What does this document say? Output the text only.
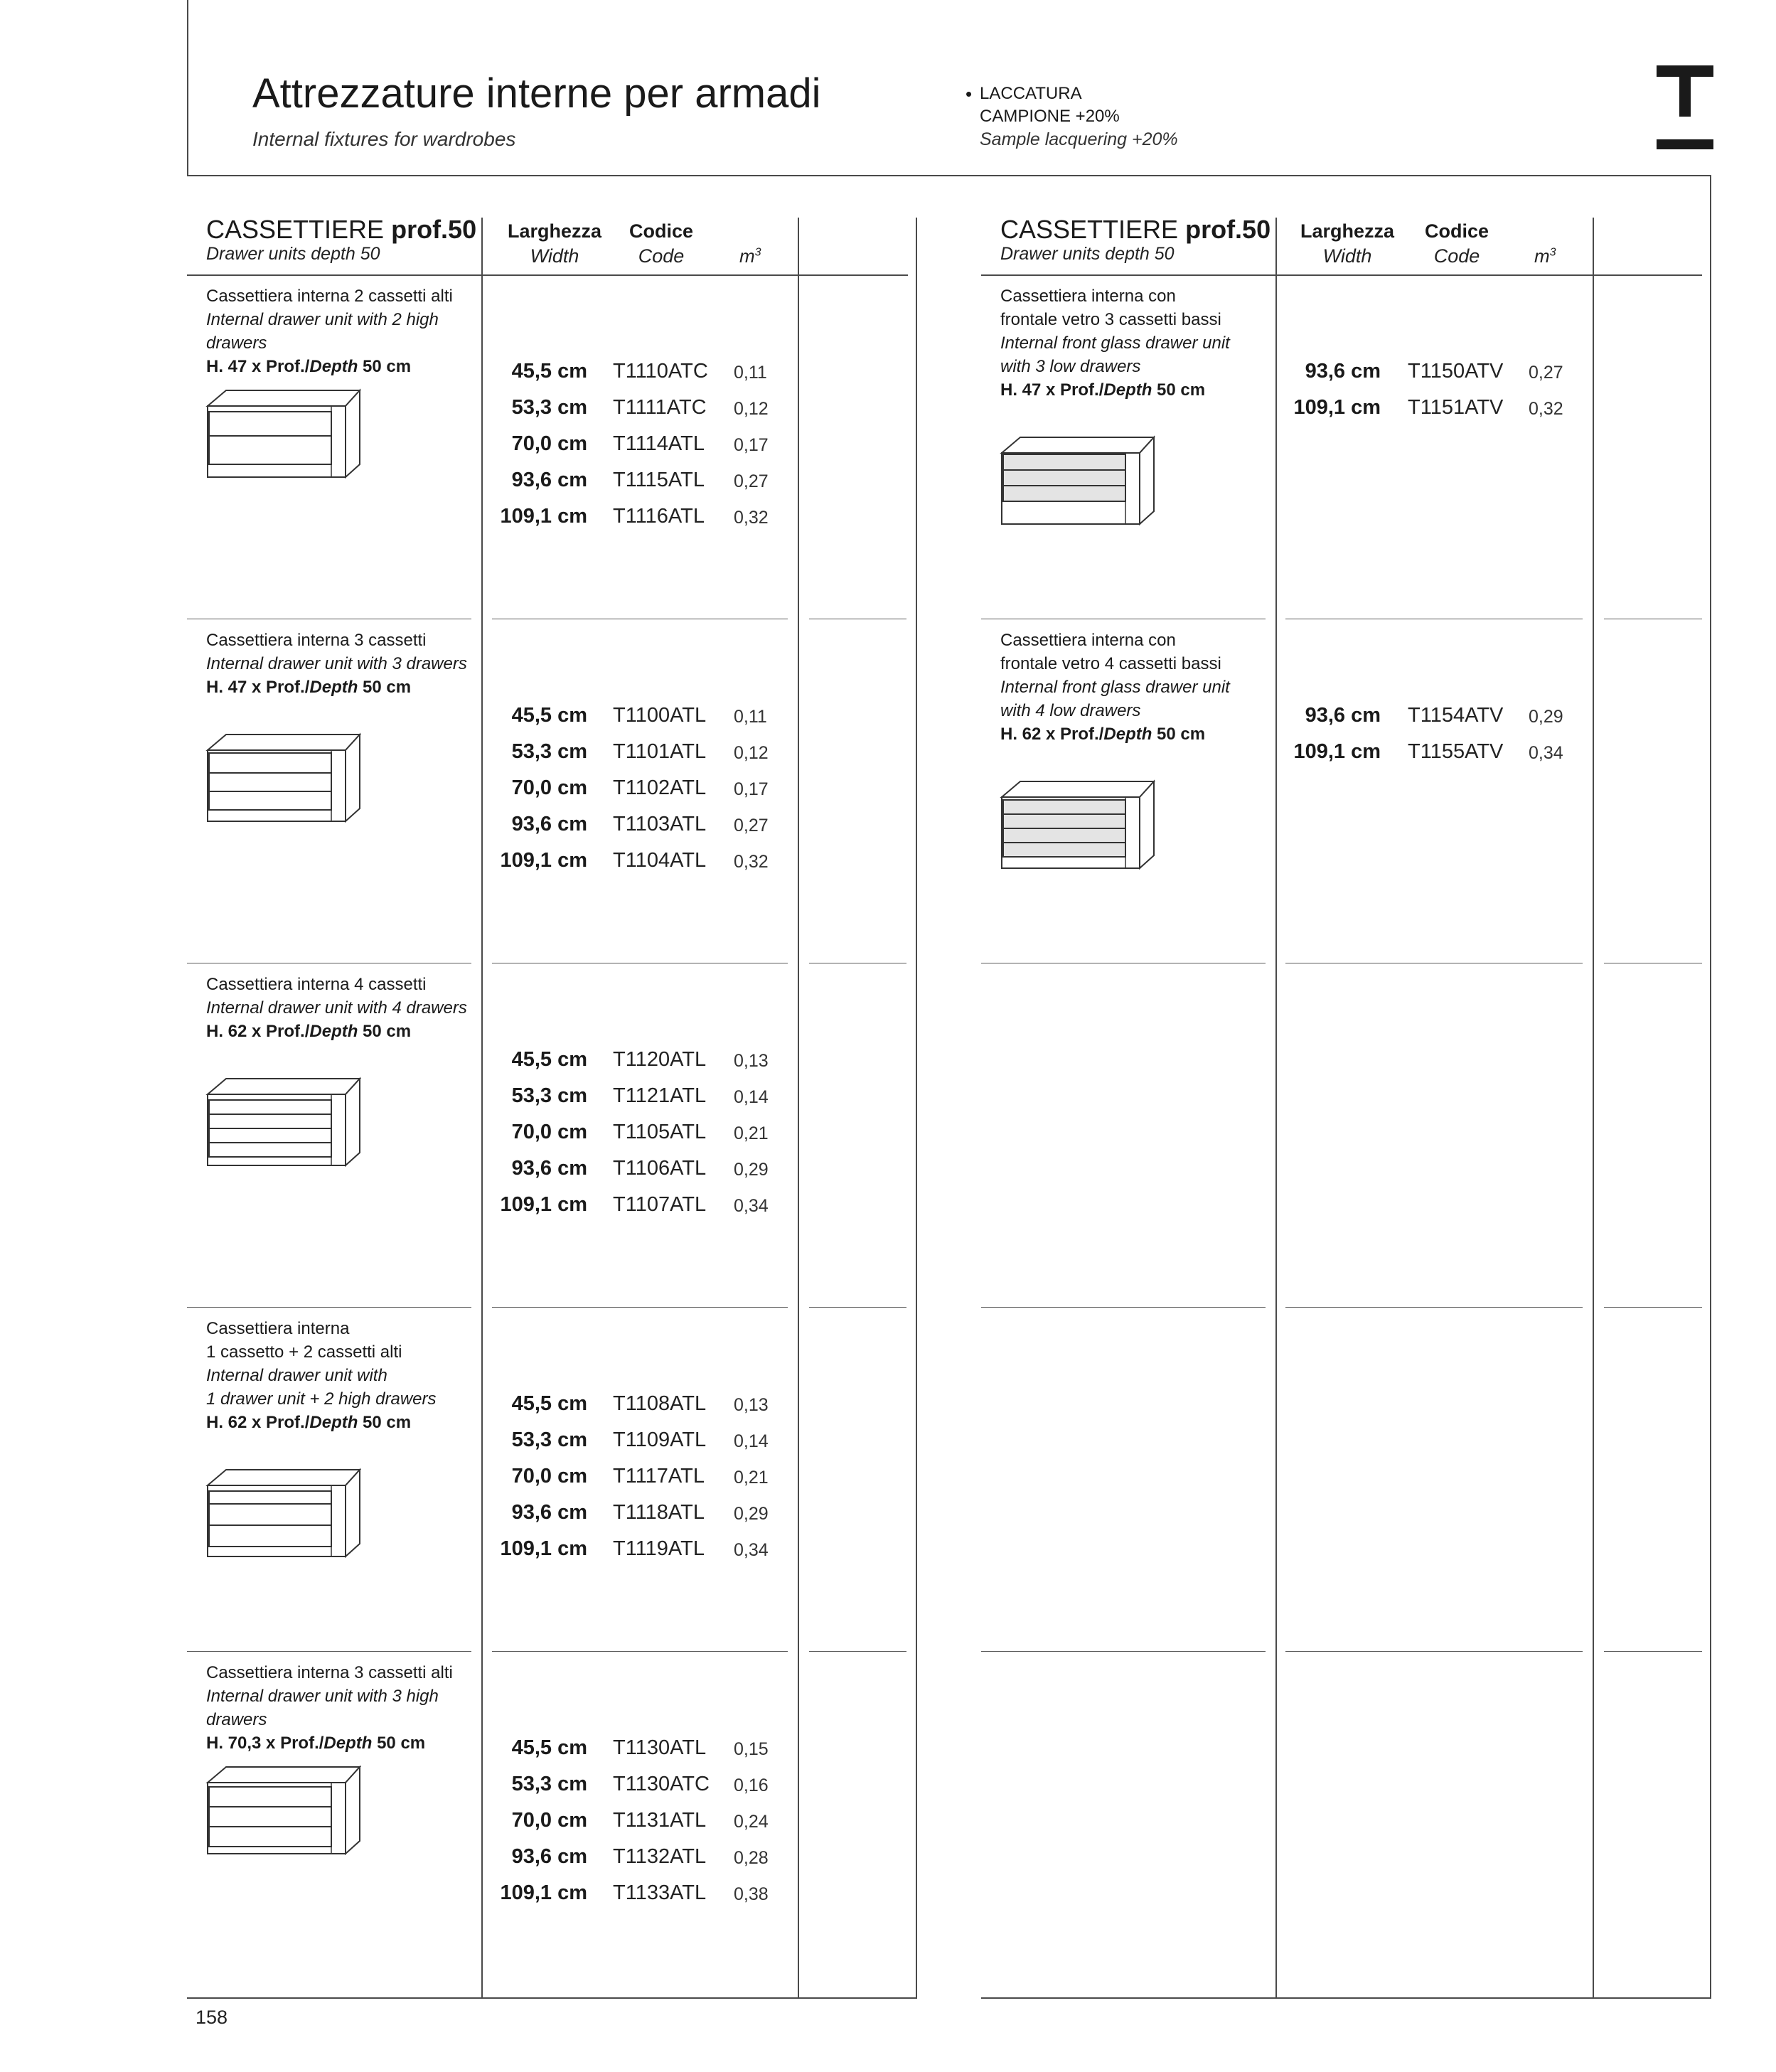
Attrezzature interne per armadi
Internal fixtures for wardrobes
• LACCATURA
CAMPIONE +20%
Sample lacquering +20%
CASSETTIERE prof.50
Drawer units depth 50
Larghezza
Width
Codice
Code	$m^3$
Cassettiera interna 2 cassetti alti
Internal drawer unit with 2 high drawers
H. 47 x Prof./Depth 50 cm	45,5 cm T1110ATC	0,11
53,3 cm T1111ATC	0,12
70,0 cm T1114ATL	0,17
93,6 cm T1115ATL	0,27
109,1 cm T1116ATL	0,32
Cassettiera interna 3 cassetti
Internal drawer unit with 3 drawers
H. 47 x Prof./Depth 50 cm
45,5 cm T1100ATL	0,11
53,3 cm T1101ATL	0,12
70,0 cm T1102ATL	0,17
93,6 cm T1103ATL	0,27
109,1 cm T1104ATL	0,32
Cassettiera interna 4 cassetti
Internal drawer unit with 4 drawers
H. 62 x Prof./Depth 50 cm
45,5 cm T1120ATL	0,13
53,3 cm T1121ATL	0,14
70,0 cm T1105ATL	0,21
93,6 cm T1106ATL	0,29
109,1 cm T1107ATL	0,34
Cassettiera interna
1 cassetto + 2 cassetti alti
Internal drawer unit with
1 drawer unit + 2 high drawers
H. 62 x Prof./Depth 50 cm
45,5 cm T1108ATL	0,13
53,3 cm T1109ATL	0,14
70,0 cm T1117ATL	0,21
93,6 cm T1118ATL	0,29
109,1 cm T1119ATL	0,34
Cassettiera interna 3 cassetti alti
Internal drawer unit with 3 high drawers
H. 70,3 x Prof./Depth 50 cm	45,5 cm T1130ATL	0,15
53,3 cm T1130ATC	0,16
70,0 cm T1131ATL	0,24
93,6 cm T1132ATL	0,28
109,1 cm T1133ATL	0,38
CASSETTIERE prof.50
Drawer units depth 50
Larghezza
Width
Codice
Code	$m^3$
Cassettiera interna con
frontale vetro 3 cassetti bassi
Internal front glass drawer unit
with 3 low drawers
H. 47 x Prof./Depth 50 cm
93,6 cm T1150ATV	0,27
109,1 cm T1151ATV	0,32
Cassettiera interna con
frontale vetro 4 cassetti bassi
Internal front glass drawer unit
with 4 low drawers
H. 62 x Prof./Depth 50 cm
93,6 cm T1154ATV	0,29
109,1 cm T1155ATV	0,34
158
